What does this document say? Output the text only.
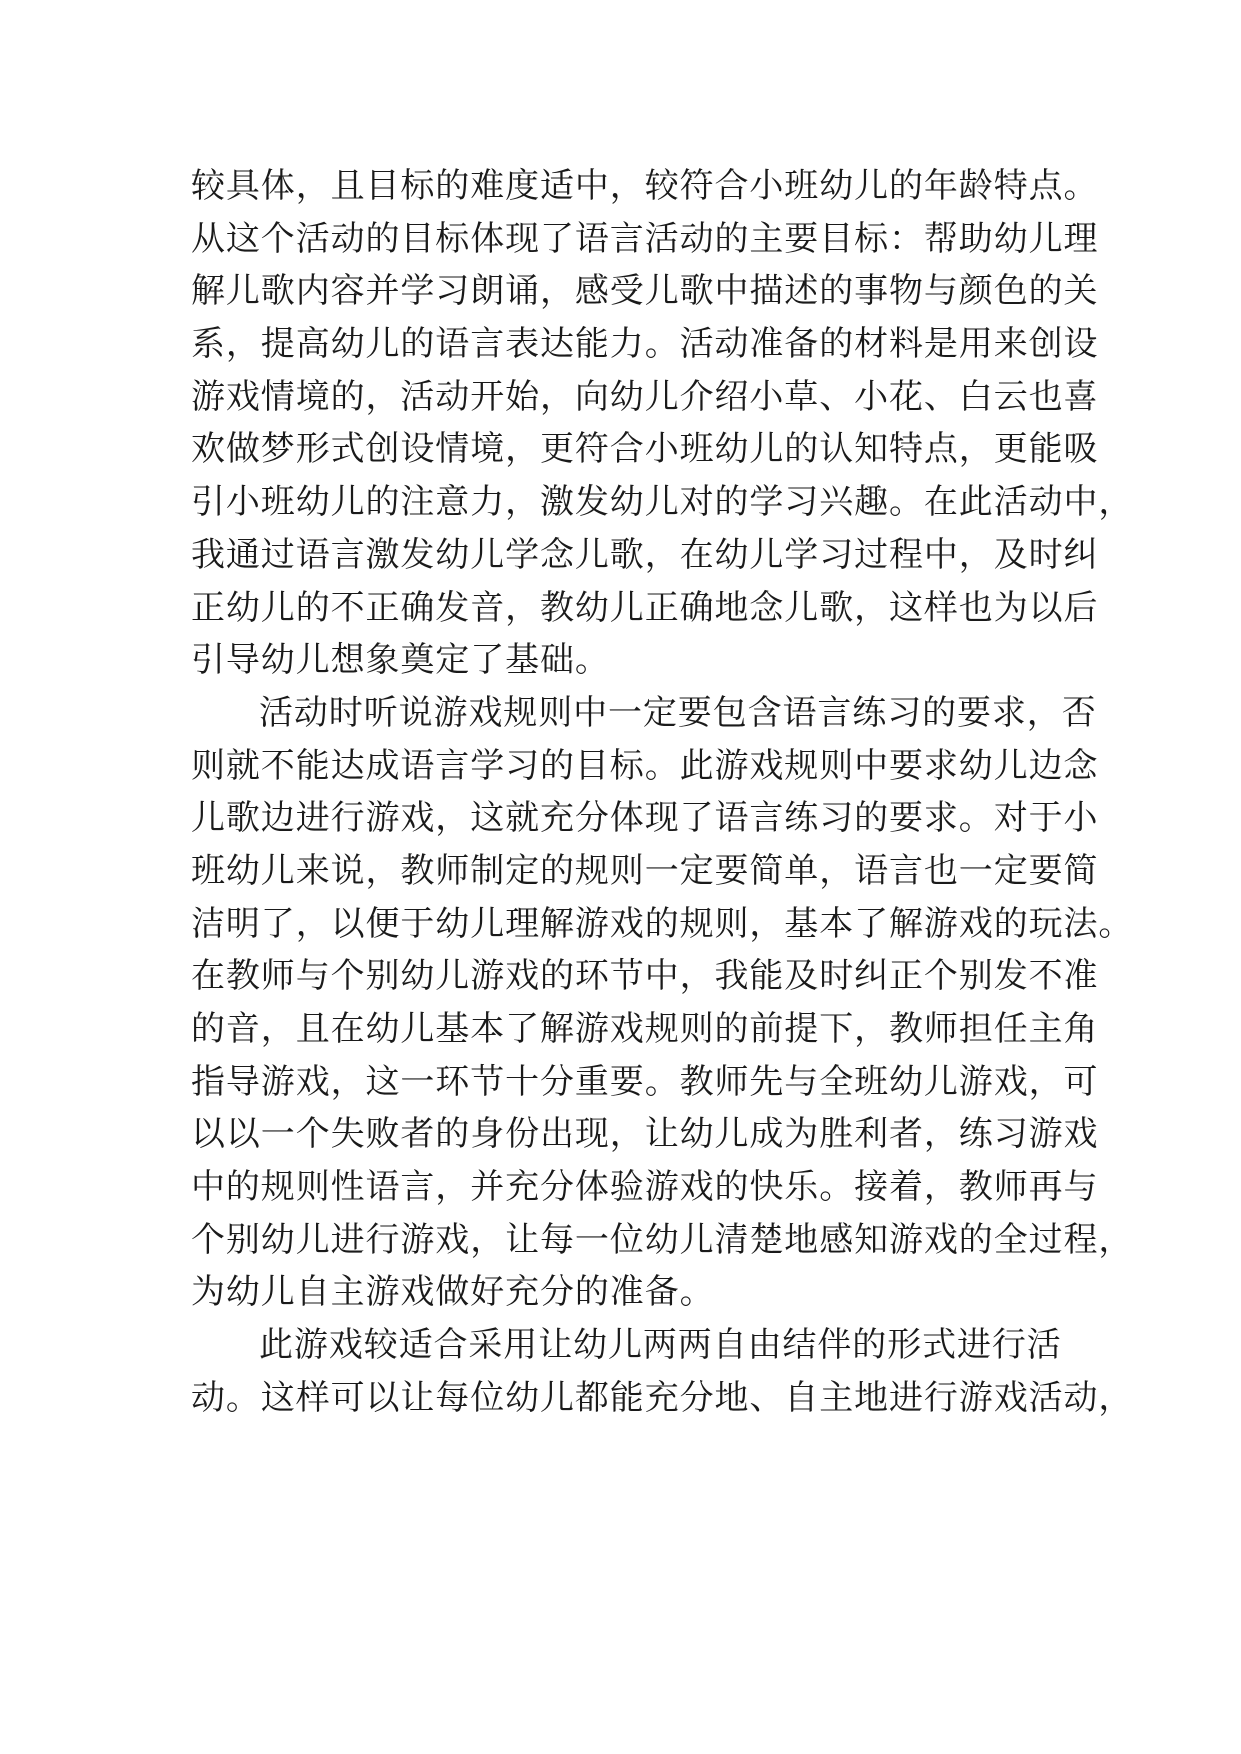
较具体，且目标的难度适中，较符合小班幼儿的年龄特点。
从这个活动的目标体现了语言活动的主要目标：帮助幼儿理
解儿歌内容并学习朗诵，感受儿歌中描述的事物与颜色的关
系，提高幼儿的语言表达能力。活动准备的材料是用来创设
游戏情境的，活动开始，向幼儿介绍小草、小花、白云也喜
欢做梦形式创设情境，更符合小班幼儿的认知特点，更能吸
引小班幼儿的注意力，激发幼儿对的学习兴趣。在此活动中，
我通过语言激发幼儿学念儿歌，在幼儿学习过程中，及时纠
正幼儿的不正确发音，教幼儿正确地念儿歌，这样也为以后
引导幼儿想象奠定了基础。
活动时听说游戏规则中一定要包含语言练习的要求，否
则就不能达成语言学习的目标。此游戏规则中要求幼儿边念
儿歌边进行游戏，这就充分体现了语言练习的要求。对于小
班幼儿来说，教师制定的规则一定要简单，语言也一定要简
洁明了，以便于幼儿理解游戏的规则，基本了解游戏的玩法。
在教师与个别幼儿游戏的环节中，我能及时纠正个别发不准
的音，且在幼儿基本了解游戏规则的前提下，教师担任主角
指导游戏，这一环节十分重要。教师先与全班幼儿游戏，可
以以一个失败者的身份出现，让幼儿成为胜利者，练习游戏
中的规则性语言，并充分体验游戏的快乐。接着，教师再与
个别幼儿进行游戏，让每一位幼儿清楚地感知游戏的全过程，
为幼儿自主游戏做好充分的准备。
此游戏较适合采用让幼儿两两自由结伴的形式进行活
动。这样可以让每位幼儿都能充分地、自主地进行游戏活动，
